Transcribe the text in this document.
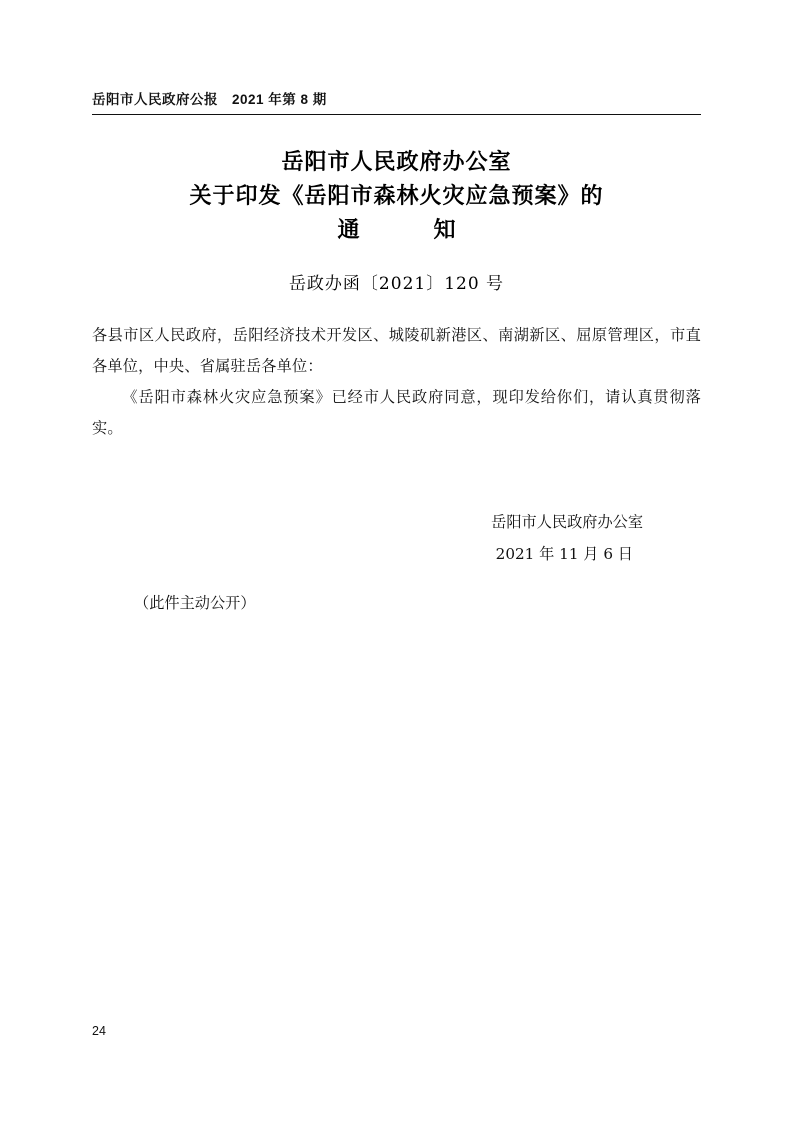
岳阳市人民政府公报　2021 年第 8 期
岳阳市人民政府办公室
关于印发《岳阳市森林火灾应急预案》的
通　　知
岳政办函〔2021〕120 号

各县市区人民政府，岳阳经济技术开发区、城陵矶新港区、南湖新区、屈原管理区，市直各单位，中央、省属驻岳各单位：

《岳阳市森林火灾应急预案》已经市人民政府同意，现印发给你们，请认真贯彻落实。

岳阳市人民政府办公室
2021 年 11 月 6 日
（此件主动公开）
24
